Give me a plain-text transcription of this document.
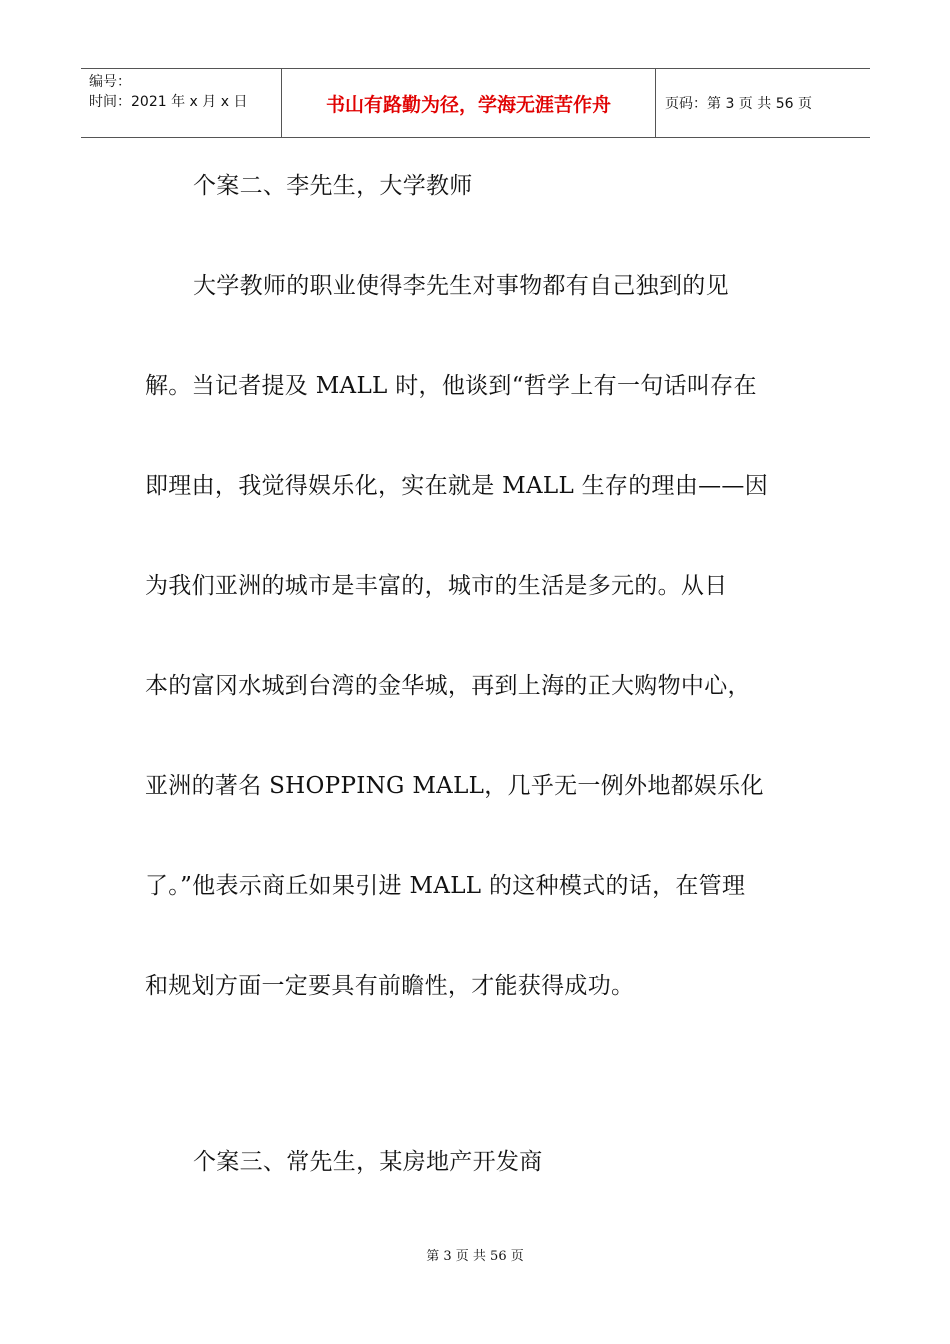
编号：
时间：2021 年 x 月 x 日	书山有路勤为径，学海无涯苦作舟	页码：第 3 页 共 56 页
个案二、李先生，大学教师
大学教师的职业使得李先生对事物都有自己独到的见
解。当记者提及 MALL 时，他谈到“哲学上有一句话叫存在
即理由，我觉得娱乐化，实在就是 MALL 生存的理由——因
为我们亚洲的城市是丰富的，城市的生活是多元的。从日
本的富冈水城到台湾的金华城，再到上海的正大购物中心，
亚洲的著名 SHOPPING MALL，几乎无一例外地都娱乐化
了。”他表示商丘如果引进 MALL 的这种模式的话，在管理
和规划方面一定要具有前瞻性，才能获得成功。
个案三、常先生，某房地产开发商
第 3 页 共 56 页
